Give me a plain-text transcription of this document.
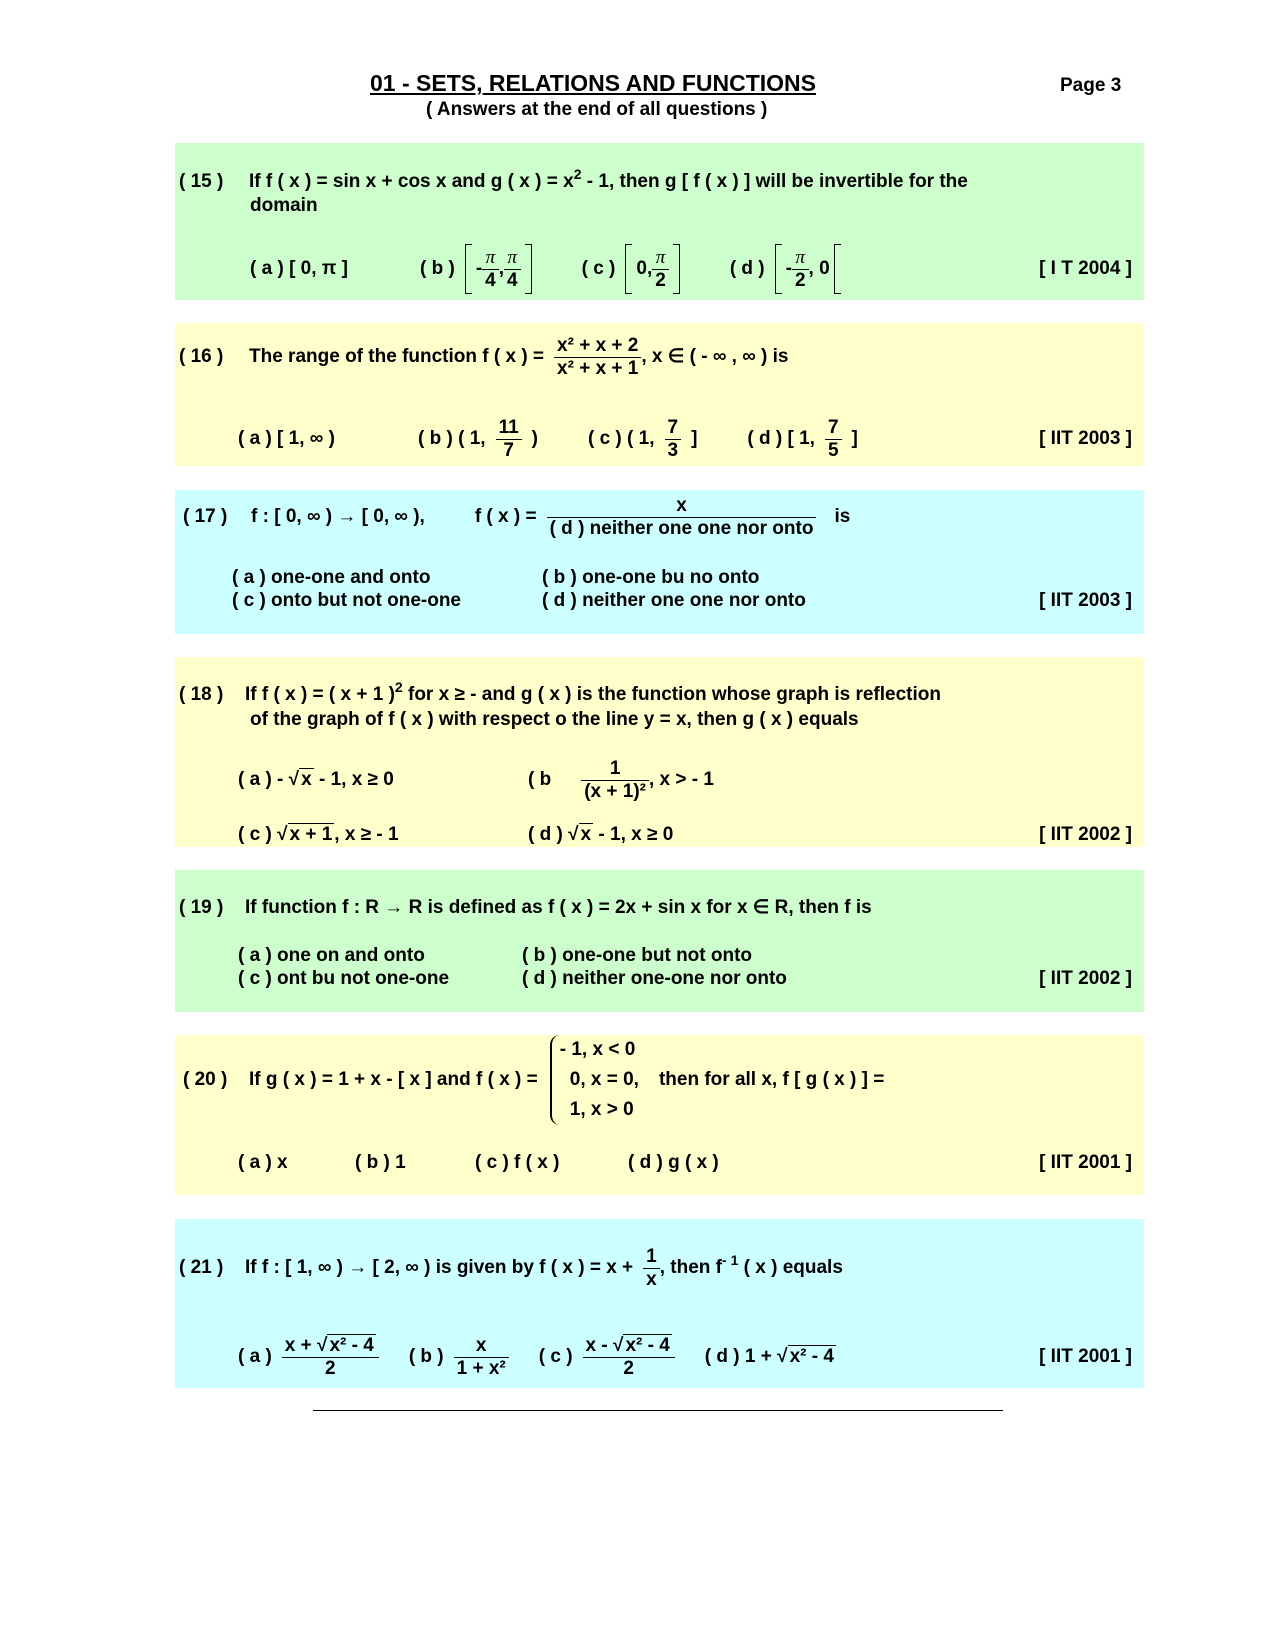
01 - SETS, RELATIONS AND FUNCTIONS	Page 3
( Answers at the end of all questions )
( 15 )	If f ( x ) = sin x + cos x and g ( x ) = $x^2 - 1$, then g [ f ( x ) ] will be invertible for the
domain
( a ) [ 0, π ]	( b ) - $\frac{\pi}{4}$ , $\frac{\pi}{4}$	( c ) 0, $\frac{\pi}{2}$	( d ) - $\frac{\pi}{2}$ , 0	[ I T 2004 ]
( 16 )	The range of the function f ( x ) = $\frac{\text{x² + x + 2}}{\text{x² + x + 1}}$ , x ∈ ( - ∞ , ∞ ) is
( a ) [ 1, ∞ )	( b ) ( 1, $\frac{11}{7}$ )	( c ) ( 1, $\frac{7}{3}$ ]	( d ) [ 1, $\frac{7}{5}$ ]	[ IIT 2003 ]
( 17 )	f : [ 0, ∞ ) → [ 0, ∞ ),	f ( x ) = $\frac{x}{\text{( d ) neither one one nor onto}}$ is
( a ) one-one and onto	( b ) one-one bu no onto
( c ) onto but not one-one	( d ) neither one one nor onto	[ IIT 2003 ]
( 18 )	If f ( x ) = ( x + 1 )$^2$ for x ≥ - and g ( x ) is the function whose graph is reflection
of the graph of f ( x ) with respect o the line y = x, then g ( x ) equals
( a ) - √ x - 1, x ≥ 0	( b $\frac{1}{\text{(x + 1)²}}$ , x > - 1
( c ) √ x + 1 , x ≥ - 1	( d ) √ x - 1, x ≥ 0	[ IIT 2002 ]
( 19 )	If function f : R → R is defined as f ( x ) = 2x + sin x for x ∈ R, then f is
( a ) one on and onto	( b ) one-one but not onto
( c ) ont bu not one-one	( d ) neither one-one nor onto	[ IIT 2002 ]
( 20 )	If g ( x ) = 1 + x - [ x ] and f ( x ) =
- 1, x < 0
0, x = 0,
1, x > 0
then for all x, f [ g ( x ) ] =
( a ) x	( b ) 1	( c ) f ( x )	( d ) g ( x )	[ IIT 2001 ]
( 21 )	If f : [ 1, ∞ ) → [ 2, ∞ ) is given by f ( x ) = $x + \frac{1}{x}$ , then $f^{- 1}$ ( x ) equals
( a ) $\frac{\text{x + √ x² - 4}}{2}$ ( b ) $\frac{x}{\text{1 + x²}}$ ( c ) $\frac{\text{x - √ x² - 4}}{2}$ ( d ) 1 + √ x² - 4	[ IIT 2001 ]
